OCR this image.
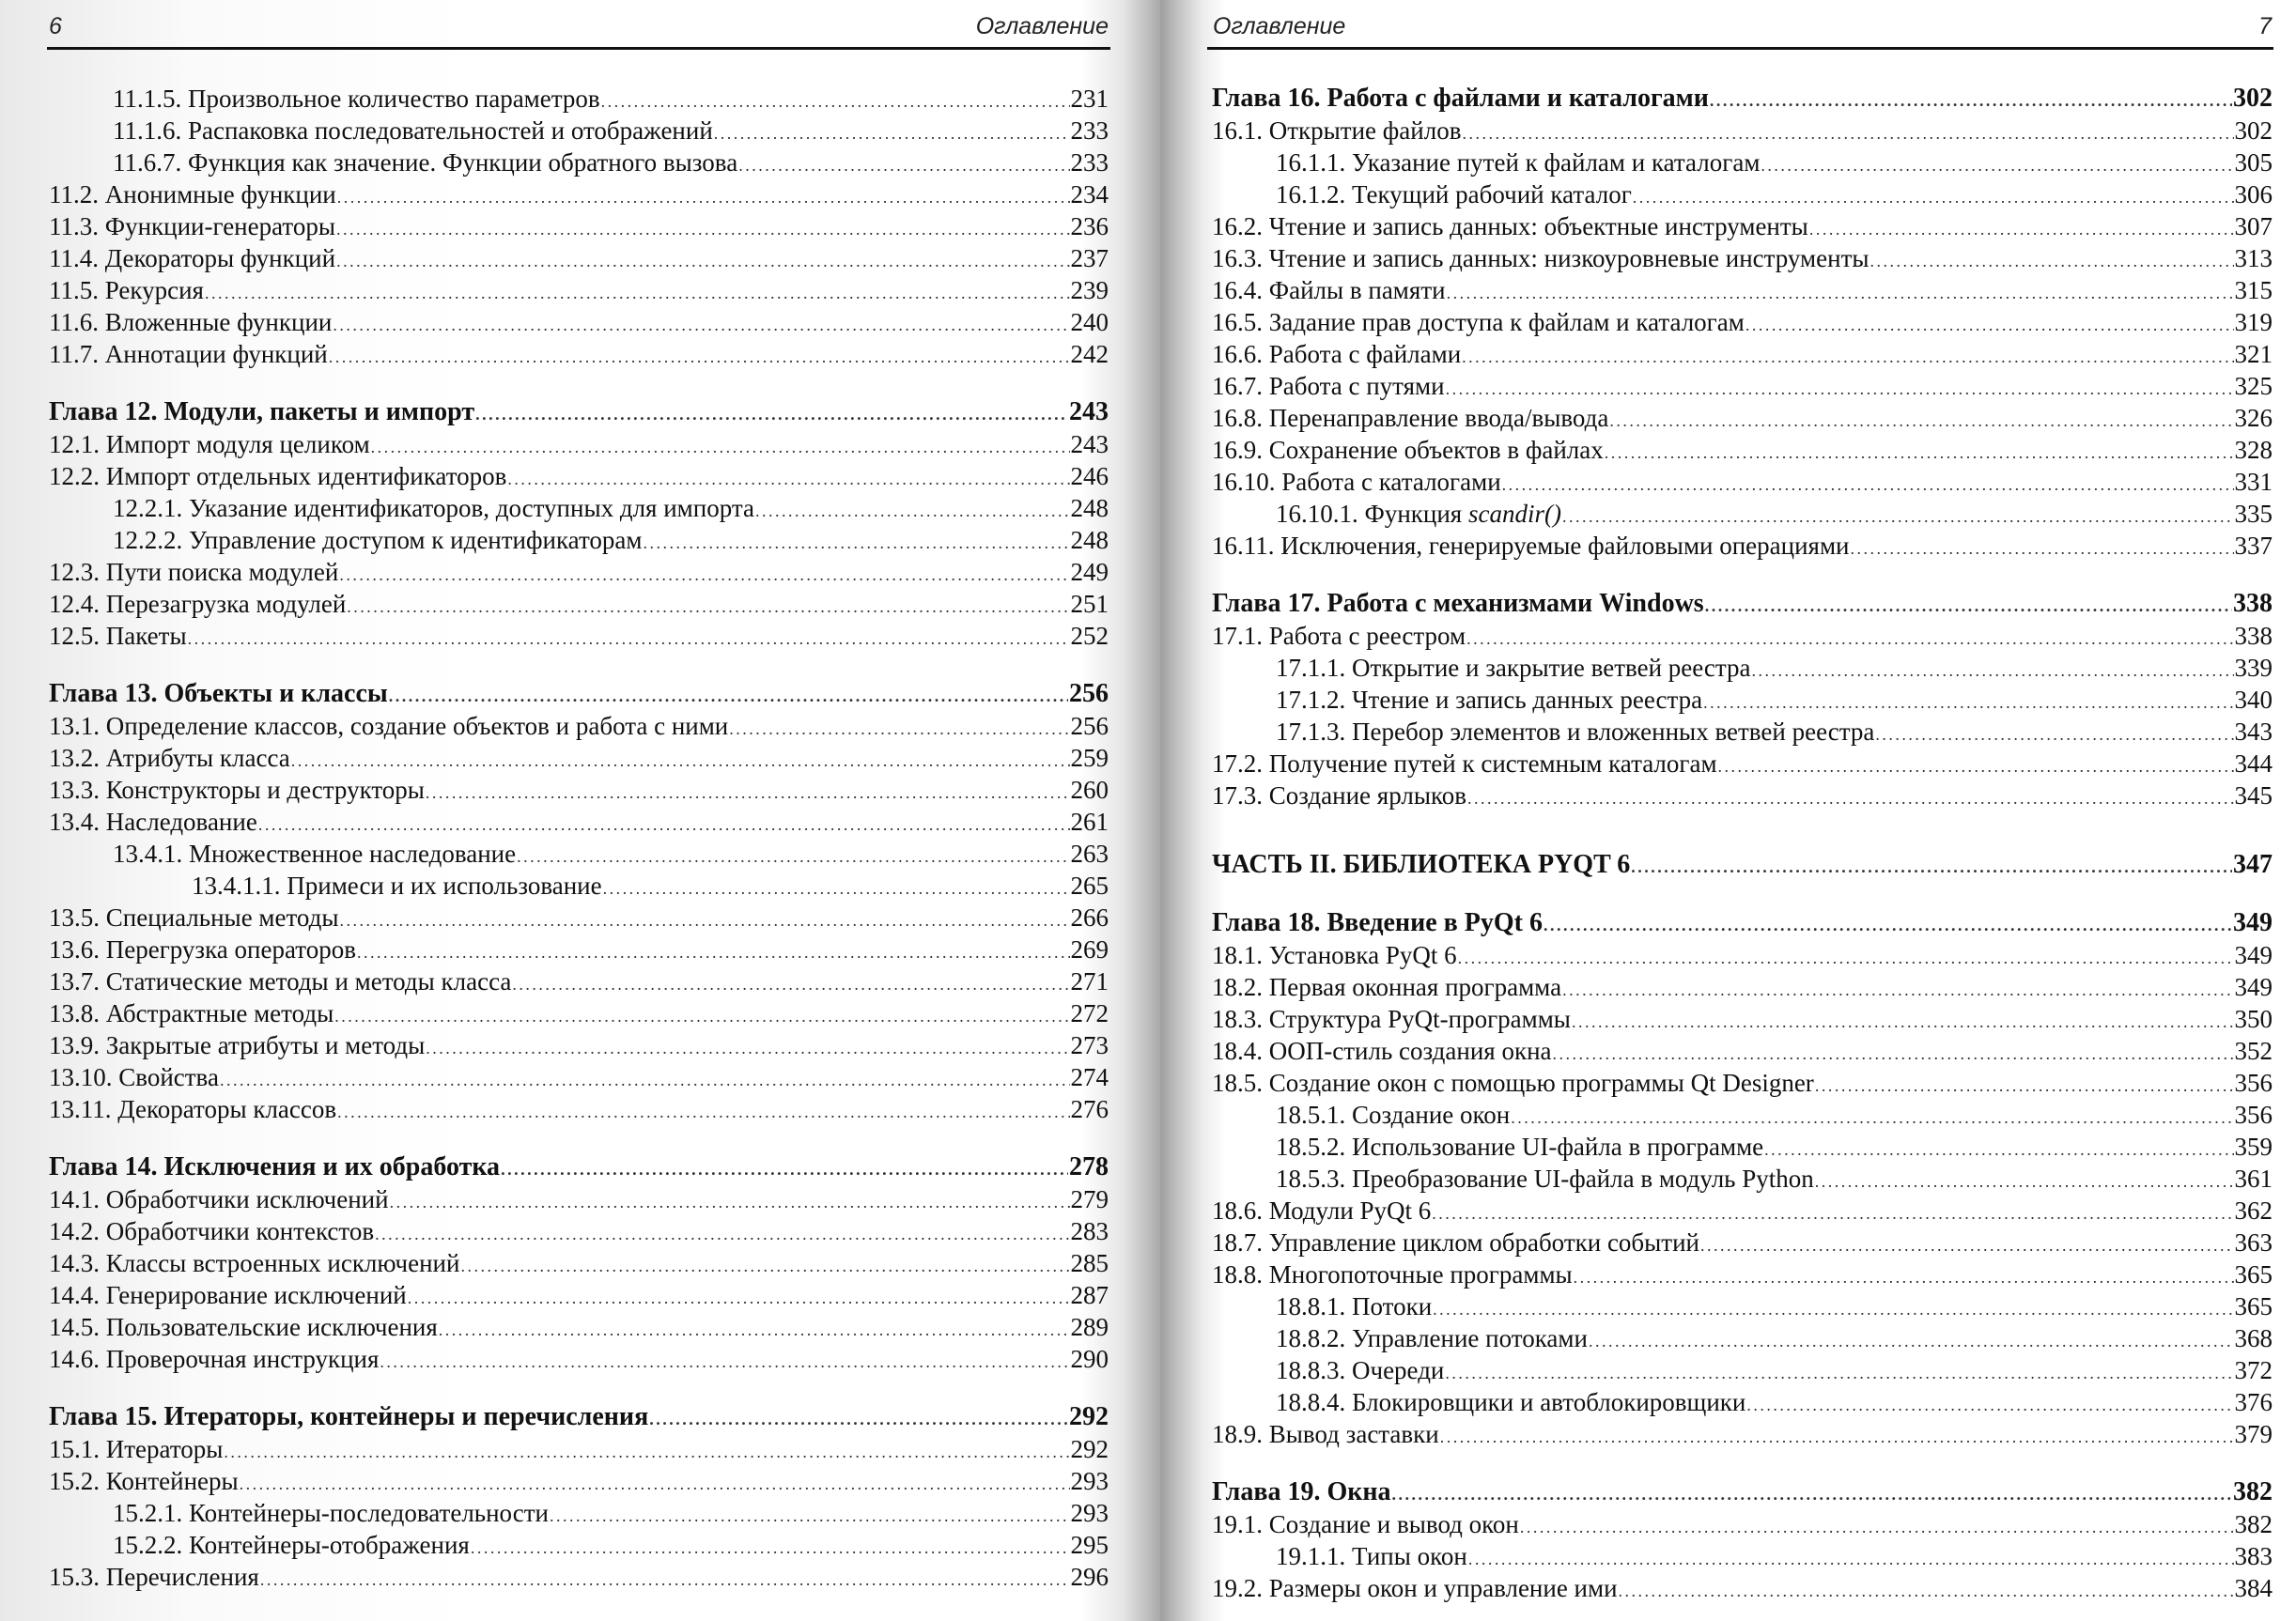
6	Оглавление
11.1.5. Произвольное количество параметров . . .	231
11.1.6. Распаковка последовательностей и отображений . . .	233
11.6.7. Функция как значение. Функции обратного вызова . . .	233
11.2. Анонимные функции . . .	234
11.3. Функции-генераторы . . .	236
11.4. Декораторы функций . . .	237
11.5. Рекурсия . . .	239
11.6. Вложенные функции . . .	240
11.7. Аннотации функций . . .	242
Глава 12. Модули, пакеты и импорт . . .	243
12.1. Импорт модуля целиком . . .	243
12.2. Импорт отдельных идентификаторов . . .	246
12.2.1. Указание идентификаторов, доступных для импорта . . .	248
12.2.2. Управление доступом к идентификаторам . . .	248
12.3. Пути поиска модулей . . .	249
12.4. Перезагрузка модулей . . .	251
12.5. Пакеты . . .	252
Глава 13. Объекты и классы . . .	256
13.1. Определение классов, создание объектов и работа с ними . . .	256
13.2. Атрибуты класса . . .	259
13.3. Конструкторы и деструкторы . . .	260
13.4. Наследование . . .	261
13.4.1. Множественное наследование . . .	263
13.4.1.1. Примеси и их использование . . .	265
13.5. Специальные методы . . .	266
13.6. Перегрузка операторов . . .	269
13.7. Статические методы и методы класса . . .	271
13.8. Абстрактные методы . . .	272
13.9. Закрытые атрибуты и методы . . .	273
13.10. Свойства . . .	274
13.11. Декораторы классов . . .	276
Глава 14. Исключения и их обработка . . .	278
14.1. Обработчики исключений . . .	279
14.2. Обработчики контекстов . . .	283
14.3. Классы встроенных исключений . . .	285
14.4. Генерирование исключений . . .	287
14.5. Пользовательские исключения . . .	289
14.6. Проверочная инструкция . . .	290
Глава 15. Итераторы, контейнеры и перечисления . . .	292
15.1. Итераторы . . .	292
15.2. Контейнеры . . .	293
15.2.1. Контейнеры-последовательности . . .	293
15.2.2. Контейнеры-отображения . . .	295
15.3. Перечисления . . .	296
Оглавление	7
Глава 16. Работа с файлами и каталогами . . .	302
16.1. Открытие файлов . . .	302
16.1.1. Указание путей к файлам и каталогам . . .	305
16.1.2. Текущий рабочий каталог . . .	306
16.2. Чтение и запись данных: объектные инструменты . . .	307
16.3. Чтение и запись данных: низкоуровневые инструменты . . .	313
16.4. Файлы в памяти . . .	315
16.5. Задание прав доступа к файлам и каталогам . . .	319
16.6. Работа с файлами . . .	321
16.7. Работа с путями . . .	325
16.8. Перенаправление ввода/вывода . . .	326
16.9. Сохранение объектов в файлах . . .	328
16.10. Работа с каталогами . . .	331
16.10.1. Функция scandir() . . .	335
16.11. Исключения, генерируемые файловыми операциями . . .	337
Глава 17. Работа с механизмами Windows . . .	338
17.1. Работа с реестром . . .	338
17.1.1. Открытие и закрытие ветвей реестра . . .	339
17.1.2. Чтение и запись данных реестра . . .	340
17.1.3. Перебор элементов и вложенных ветвей реестра . . .	343
17.2. Получение путей к системным каталогам . . .	344
17.3. Создание ярлыков . . .	345
ЧАСТЬ II. БИБЛИОТЕКА PYQT 6 . . .	347
Глава 18. Введение в PyQt 6 . . .	349
18.1. Установка PyQt 6 . . .	349
18.2. Первая оконная программа . . .	349
18.3. Структура PyQt-программы . . .	350
18.4. ООП-стиль создания окна . . .	352
18.5. Создание окон с помощью программы Qt Designer . . .	356
18.5.1. Создание окон . . .	356
18.5.2. Использование UI-файла в программе . . .	359
18.5.3. Преобразование UI-файла в модуль Python . . .	361
18.6. Модули PyQt 6 . . .	362
18.7. Управление циклом обработки событий . . .	363
18.8. Многопоточные программы . . .	365
18.8.1. Потоки . . .	365
18.8.2. Управление потоками . . .	368
18.8.3. Очереди . . .	372
18.8.4. Блокировщики и автоблокировщики . . .	376
18.9. Вывод заставки . . .	379
Глава 19. Окна . . .	382
19.1. Создание и вывод окон . . .	382
19.1.1. Типы окон . . .	383
19.2. Размеры окон и управление ими . . .	384
